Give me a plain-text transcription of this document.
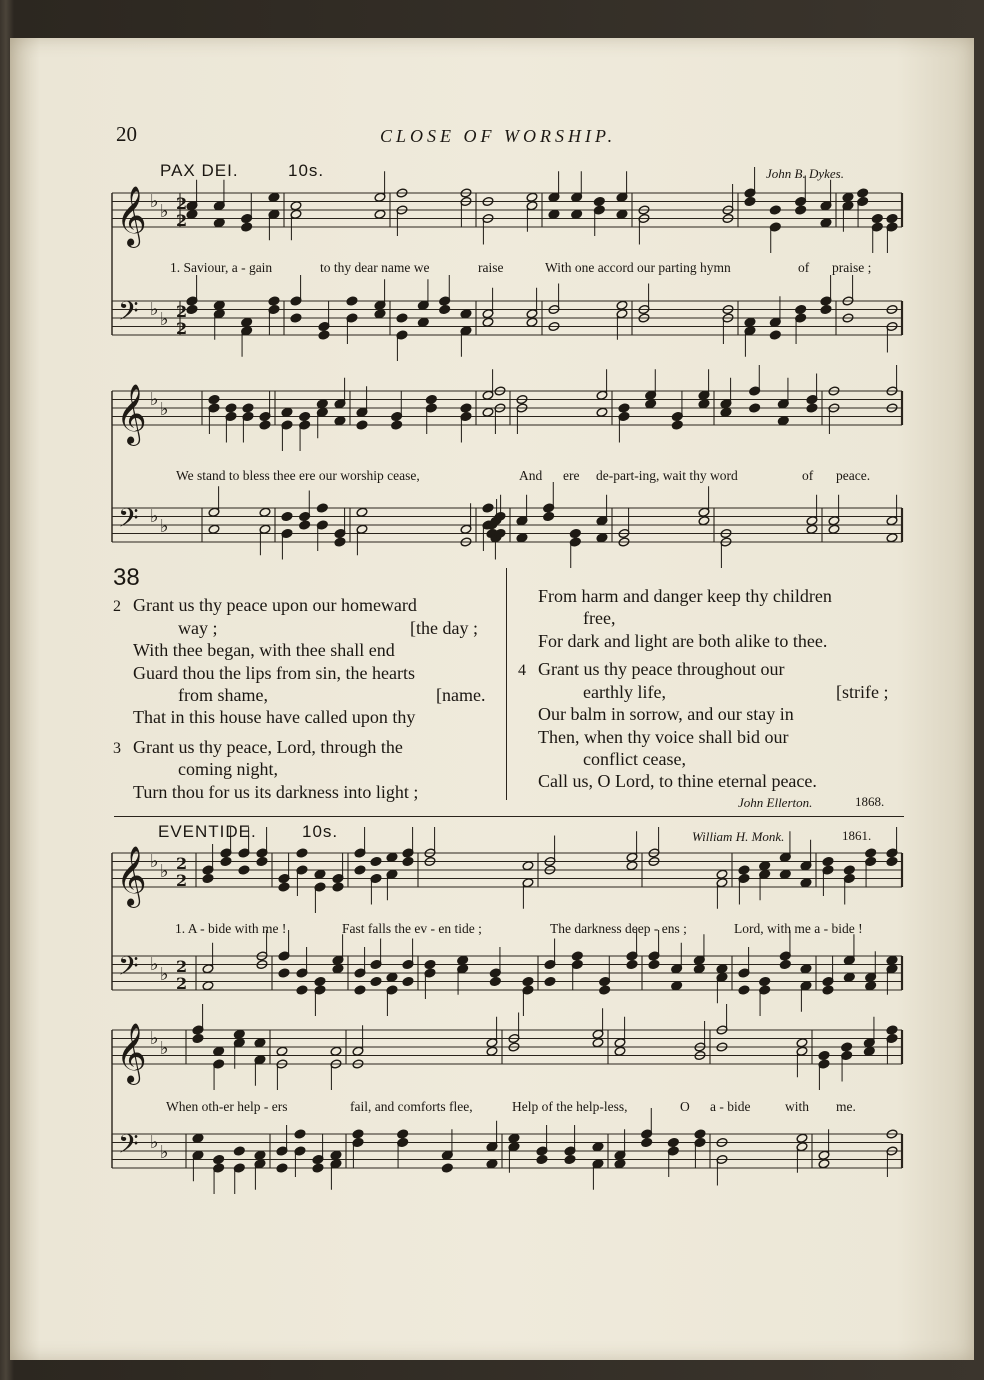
20	CLOSE OF WORSHIP.
PAX DEI.	10s.	John B. Dykes.
𝄞 ♭ ♭ 2
2
𝄢 ♭ ♭ 2
2
𝄞 ♭ ♭
𝄢 ♭ ♭
𝄞 ♭ ♭ 2
2
𝄢 ♭ ♭ 2
2
𝄞 ♭ ♭
𝄢 ♭ ♭
1. Saviour, a - gain	to thy dear name we	raise	With one accord our parting hymn	of praise ;
We stand to bless thee ere our worship cease,	And ere de-part-ing, wait thy word	of peace.
38
2 Grant us thy peace upon our homeward
way ;	[the day ;
With thee began, with thee shall end
Guard thou the lips from sin, the hearts
from shame,	[name.
That in this house have called upon thy
3 Grant us thy peace, Lord, through the
coming night,
Turn thou for us its darkness into light ;
From harm and danger keep thy children
free,
For dark and light are both alike to thee.
4 Grant us thy peace throughout our
earthly life,	[strife ;
Our balm in sorrow, and our stay in
Then, when thy voice shall bid our
conflict cease,
Call us, O Lord, to thine eternal peace.
John Ellerton.	1868.
EVENTIDE.	10s.	William H. Monk.	1861.
1. A - bide with me !	Fast falls the ev - en tide ;	The darkness deep - ens ;	Lord, with me a - bide !
When oth-er help - ers	fail, and comforts flee,	Help of the help-less,	O a - bide	with me.
